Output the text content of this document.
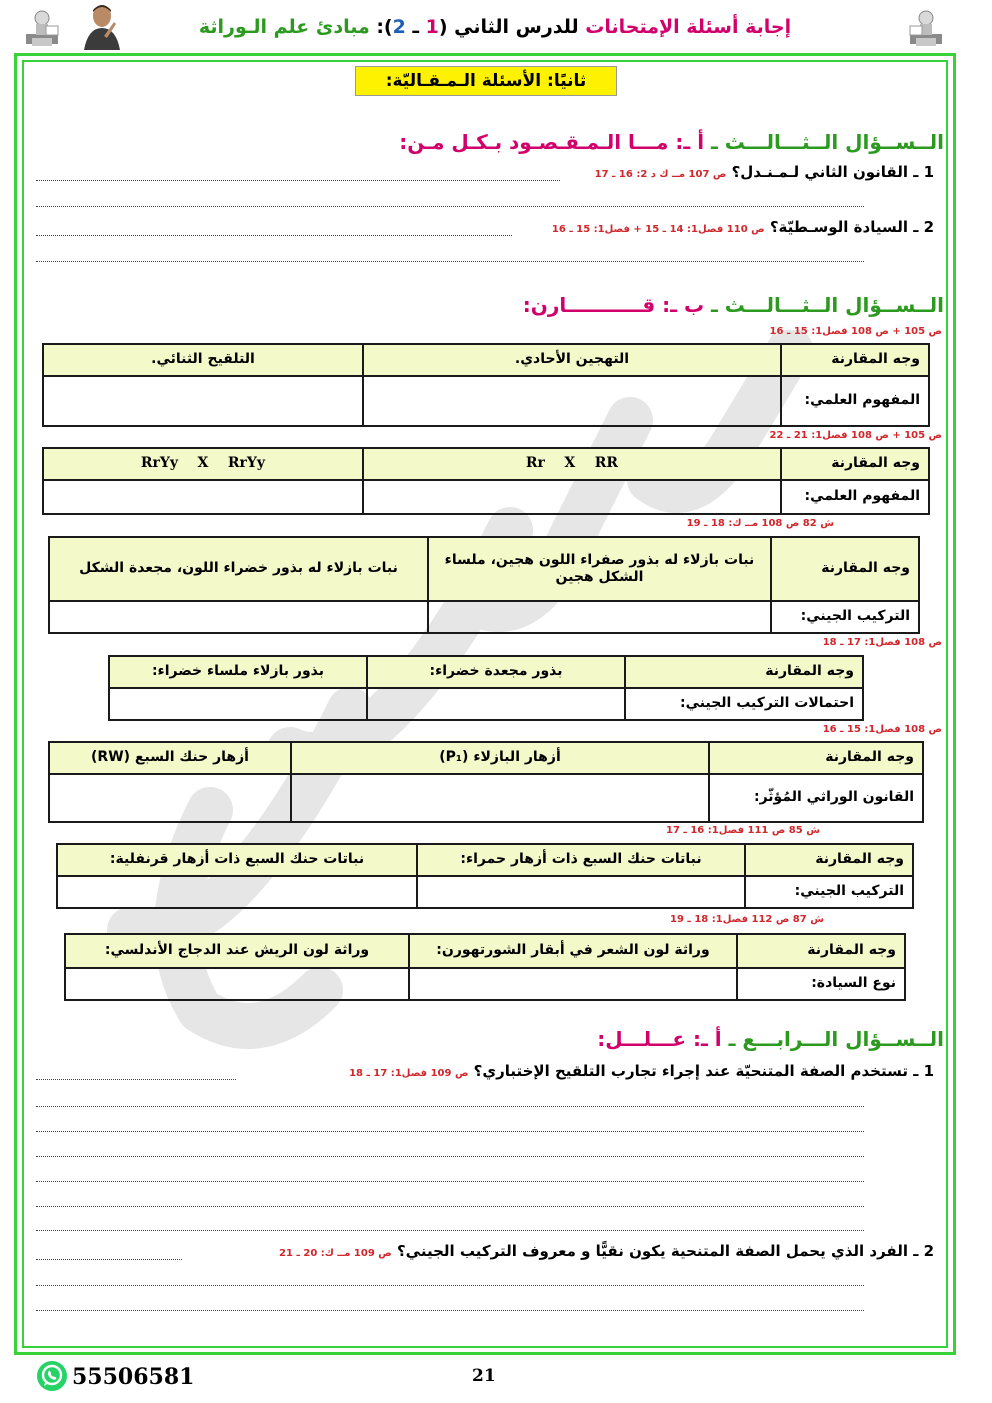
إجابة أسئلة الإمتحانات للدرس الثاني (1 ـ 2): مبادئ علم الـوراثة
ثانيًا: الأسئلة الـمـقـاليّة:
الــســؤال الــثـــالـــث ـ أ ـ: مـــا الـمـقـصـود بـكـل مـن:
1 ـ القانون الثاني لـمـنـدل؟ ص 107 مــ ك د 2: 16 ـ 17
2 ـ السيادة الوسـطيّة؟ ص 110 فصل1: 14 ـ 15 + فصل1: 15 ـ 16
الــســؤال الــثـــالـــث ـ ب ـ: قـــــــــــارن:
ص 105 + ص 108 فصل1: 15 ـ 16
وجه المقارنة	التهجين الأحادي.	التلقيح الثنائي.
المفهوم العلمي:		
ص 105 + ص 108 فصل1: 21 ـ 22
وجه المقارنة	Rr    X    RR	RrYy    X    RrYy
المفهوم العلمي:		
ش 82 ص 108 مــ ك: 18 ـ 19
وجه المقارنة	نبات بازلاء له بذور صفراء اللون هجين، ملساء الشكل هجين	نبات بازلاء له بذور خضراء اللون، مجعدة الشكل
التركيب الجيني:		
ص 108 فصل1: 17 ـ 18
وجه المقارنة	بذور مجعدة خضراء:	بذور بازلاء ملساء خضراء:
احتمالات التركيب الجيني:		
ص 108 فصل1: 15 ـ 16
وجه المقارنة	أزهار البازلاء (P₁)	أزهار حنك السبع (RW)
القانون الوراثي المُؤثّر:		
ش 85 ص 111 فصل1: 16 ـ 17
وجه المقارنة	نباتات حنك السبع ذات أزهار حمراء:	نباتات حنك السبع ذات أزهار قرنفلية:
التركيب الجيني:		
ش 87 ص 112 فصل1: 18 ـ 19
وجه المقارنة	وراثة لون الشعر في أبقار الشورتهورن:	وراثة لون الريش عند الدجاج الأندلسي:
نوع السيادة:		
الــســؤال الـــرابـــع ـ أ ـ: عـــلـــل:
1 ـ تستخدم الصفة المتنحيّة عند إجراء تجارب التلقيح الإختباري؟ ص 109 فصل1: 17 ـ 18
2 ـ الفرد الذي يحمل الصفة المتنحية يكون نقيًّا و معروف التركيب الجيني؟ ص 109 مــ ك: 20 ـ 21
55506581	21
